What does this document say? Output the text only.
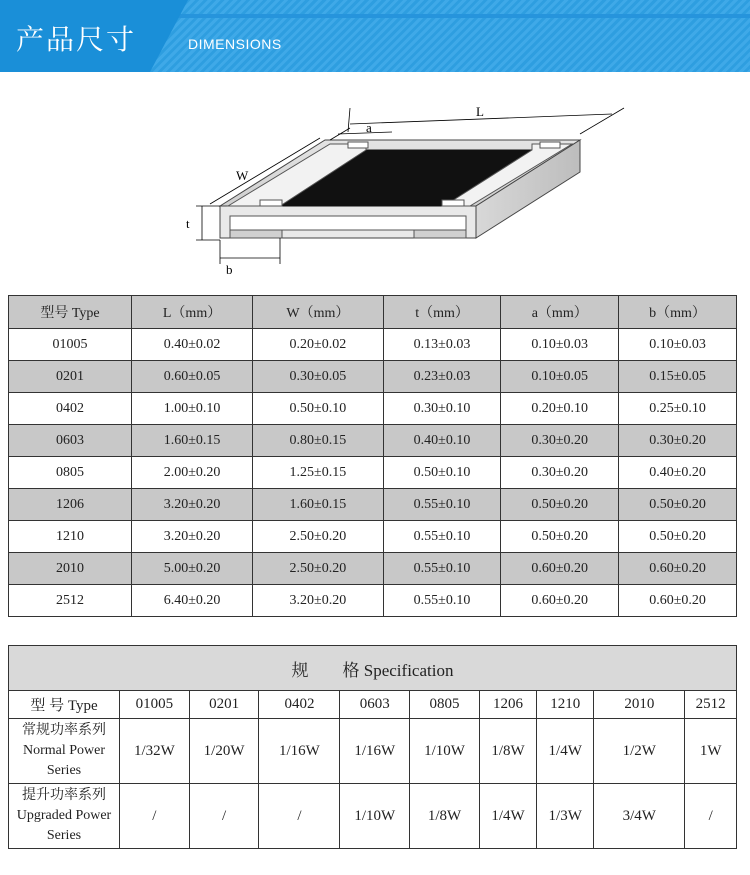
产品尺寸	DIMENSIONS
L
a
W
t
b
型号 Type	L（mm）	W（mm）	t（mm）	a（mm）	b（mm）
01005	0.40±0.02	0.20±0.02	0.13±0.03	0.10±0.03	0.10±0.03
0201	0.60±0.05	0.30±0.05	0.23±0.03	0.10±0.05	0.15±0.05
0402	1.00±0.10	0.50±0.10	0.30±0.10	0.20±0.10	0.25±0.10
0603	1.60±0.15	0.80±0.15	0.40±0.10	0.30±0.20	0.30±0.20
0805	2.00±0.20	1.25±0.15	0.50±0.10	0.30±0.20	0.40±0.20
1206	3.20±0.20	1.60±0.15	0.55±0.10	0.50±0.20	0.50±0.20
1210	3.20±0.20	2.50±0.20	0.55±0.10	0.50±0.20	0.50±0.20
2010	5.00±0.20	2.50±0.20	0.55±0.10	0.60±0.20	0.60±0.20
2512	6.40±0.20	3.20±0.20	0.55±0.10	0.60±0.20	0.60±0.20
规　　格 Specification									
型 号 Type	01005	0201	0402	0603	0805	1206	1210	2010	2512

常规功率系列
Normal Power
Series	1/32W	1/20W	1/16W	1/16W	1/10W	1/8W	1/4W	1/2W	1W

提升功率系列
Upgraded Power
Series	/	/	/	1/10W	1/8W	1/4W	1/3W	3/4W	/
